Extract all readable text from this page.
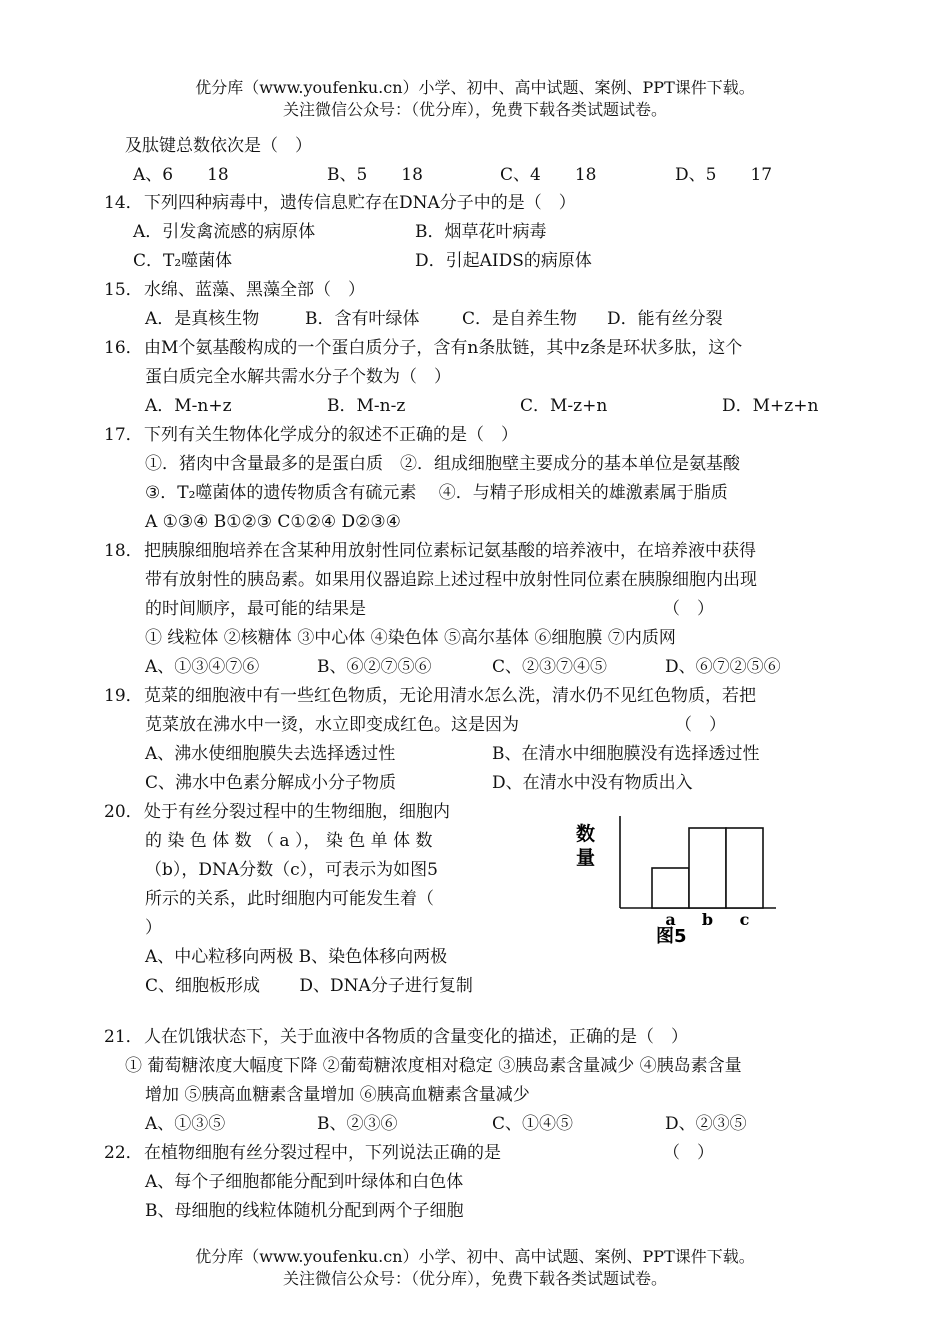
优分库（www.youfenku.cn）小学、初中、高中试题、案例、PPT课件下载。
关注微信公众号：（优分库），免费下载各类试题试卷。
及肽键总数依次是（　）
A、6　　18	B、5　　18	C、4　　18	D、5　　17
14．下列四种病毒中，遗传信息贮存在DNA分子中的是（　）
A．引发禽流感的病原体	B．烟草花叶病毒
C．T₂噬菌体	D．引起AIDS的病原体
15．水绵、蓝藻、黑藻全部（　）
A．是真核生物	B．含有叶绿体	C．是自养生物 D．能有丝分裂
16．由M个氨基酸构成的一个蛋白质分子，含有n条肽链，其中z条是环状多肽，这个
蛋白质完全水解共需水分子个数为（　）
A．M-n+z	B．M-n-z	C．M-z+n	D．M+z+n
17．下列有关生物体化学成分的叙述不正确的是（　）
①．猪肉中含量最多的是蛋白质　②．组成细胞壁主要成分的基本单位是氨基酸
③．T₂噬菌体的遗传物质含有硫元素　 ④．与精子形成相关的雄激素属于脂质
A ①③④ B①②③ C①②④ D②③④
18．把胰腺细胞培养在含某种用放射性同位素标记氨基酸的培养液中，在培养液中获得
带有放射性的胰岛素。如果用仪器追踪上述过程中放射性同位素在胰腺细胞内出现
的时间顺序，最可能的结果是	（　）
① 线粒体 ②核糖体 ③中心体 ④染色体 ⑤高尔基体 ⑥细胞膜 ⑦内质网
A、①③④⑦⑥	B、⑥②⑦⑤⑥	C、②③⑦④⑤	D、⑥⑦②⑤⑥
19．苋菜的细胞液中有一些红色物质，无论用清水怎么洗，清水仍不见红色物质，若把
苋菜放在沸水中一烫，水立即变成红色。这是因为	（　）
A、沸水使细胞膜失去选择透过性	B、在清水中细胞膜没有选择透过性
C、沸水中色素分解成小分子物质	D、在清水中没有物质出入
20．处于有丝分裂过程中的生物细胞，细胞内
的 染 色 体 数 （ a ）， 染 色 单 体 数
（b），DNA分数（c），可表示为如图5
所示的关系，此时细胞内可能发生着（
）
A、中心粒移向两极 B、染色体移向两极
C、细胞板形成　　 D、DNA分子进行复制
数
量
a b c
图5
21．人在饥饿状态下，关于血液中各物质的含量变化的描述，正确的是（　）
① 葡萄糖浓度大幅度下降 ②葡萄糖浓度相对稳定 ③胰岛素含量减少 ④胰岛素含量
增加 ⑤胰高血糖素含量增加 ⑥胰高血糖素含量减少
A、①③⑤	B、②③⑥	C、①④⑤	D、②③⑤
22．在植物细胞有丝分裂过程中，下列说法正确的是	（　）
A、每个子细胞都能分配到叶绿体和白色体
B、母细胞的线粒体随机分配到两个子细胞
优分库（www.youfenku.cn）小学、初中、高中试题、案例、PPT课件下载。
关注微信公众号：（优分库），免费下载各类试题试卷。
